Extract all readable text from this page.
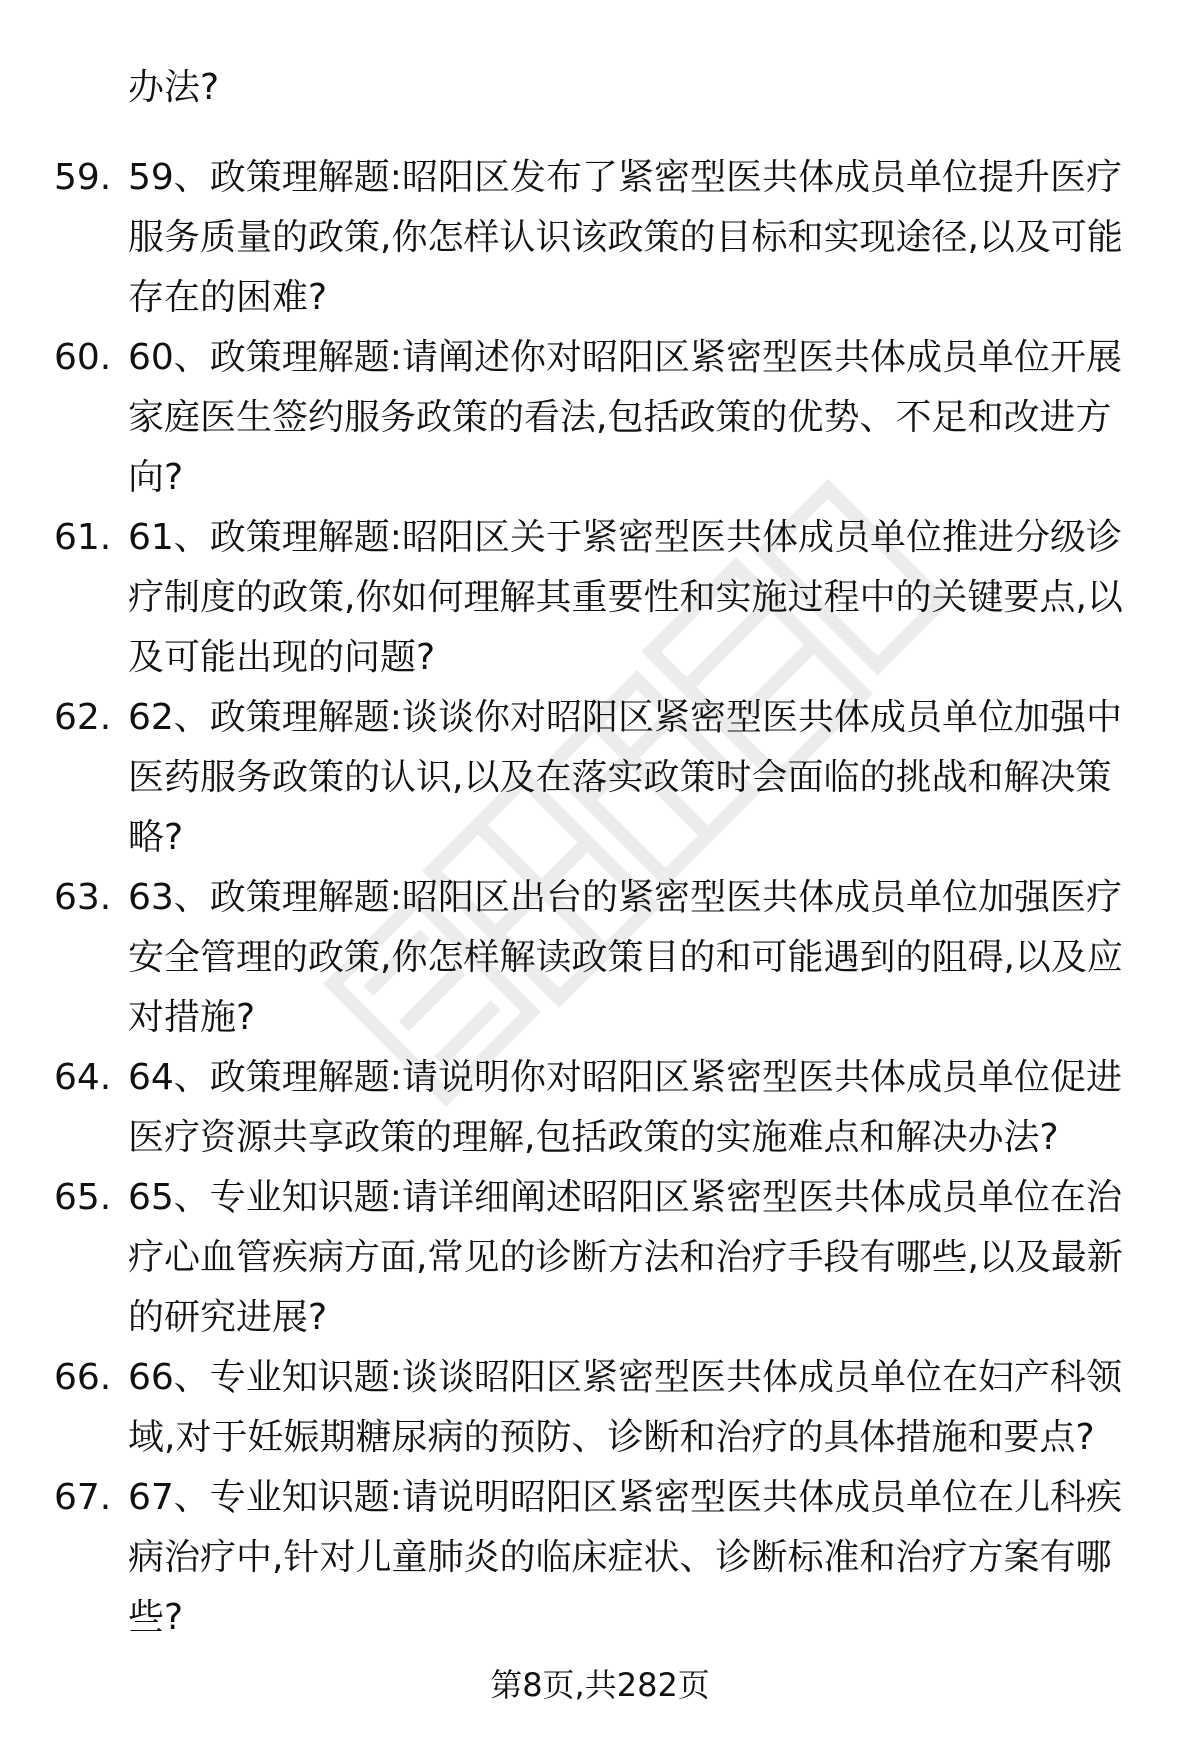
办法?

59. 59、政策理解题:昭阳区发布了紧密型医共体成员单位提升医疗服务质量的政策,你怎样认识该政策的目标和实现途径,以及可能存在的困难?

60. 60、政策理解题:请阐述你对昭阳区紧密型医共体成员单位开展家庭医生签约服务政策的看法,包括政策的优势、不足和改进方向?

61. 61、政策理解题:昭阳区关于紧密型医共体成员单位推进分级诊疗制度的政策,你如何理解其重要性和实施过程中的关键要点,以及可能出现的问题?

62. 62、政策理解题:谈谈你对昭阳区紧密型医共体成员单位加强中医药服务政策的认识,以及在落实政策时会面临的挑战和解决策略?

63. 63、政策理解题:昭阳区出台的紧密型医共体成员单位加强医疗安全管理的政策,你怎样解读政策目的和可能遇到的阻碍,以及应对措施?

64. 64、政策理解题:请说明你对昭阳区紧密型医共体成员单位促进医疗资源共享政策的理解,包括政策的实施难点和解决办法?

65. 65、专业知识题:请详细阐述昭阳区紧密型医共体成员单位在治疗心血管疾病方面,常见的诊断方法和治疗手段有哪些,以及最新的研究进展?

66. 66、专业知识题:谈谈昭阳区紧密型医共体成员单位在妇产科领域,对于妊娠期糖尿病的预防、诊断和治疗的具体措施和要点?

67. 67、专业知识题:请说明昭阳区紧密型医共体成员单位在儿科疾病治疗中,针对儿童肺炎的临床症状、诊断标准和治疗方案有哪些?

第8页,共282页
